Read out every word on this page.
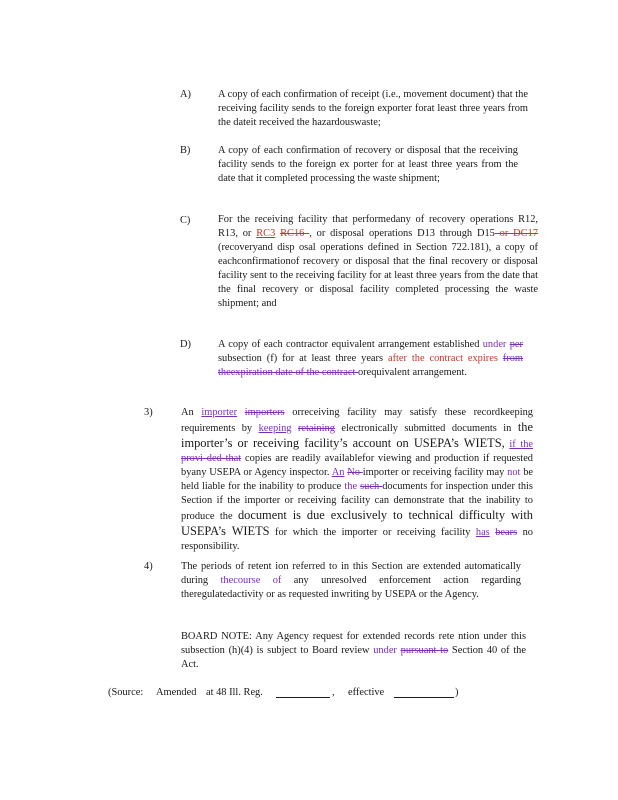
A)	A copy of each confirmation of receipt (i.e., movement document) that the receiving facility sends to the foreign exporter forat least three years from the dateit received the hazardouswaste;
B)	A copy of each confirmation of recovery or disposal that the receiving facility sends to the foreign ex porter for at least three years from the date that it completed processing the waste shipment;
C)	For the receiving facility that performedany of recovery operations R12, R13, or RC3 RC16 , or disposal operations D13 through D15 or DC17 (recoveryand disp osal operations defined in Section 722.181), a copy of eachconfirmationof recovery or disposal that the final recovery or disposal facility sent to the receiving facility for at least three years from the date that the final recovery or disposal facility completed processing the waste shipment; and
D)	A copy of each contractor equivalent arrangement established under per subsection (f) for at least three years after the contract expires from theexpiration date of the contract orequivalent arrangement.
3)	An importer importers orreceiving facility may satisfy these recordkeeping requirements by keeping retaining electronically submitted documents in the importer’s or receiving facility’s account on USEPA’s WIETS, if the provi ded that copies are readily availablefor viewing and production if requested byany USEPA or Agency inspector. An No importer or receiving facility may not be held liable for the inability to produce the such documents for inspection under this Section if the importer or receiving facility can demonstrate that the inability to produce the document is due exclusively to technical difficulty with USEPA’s WIETS for which the importer or receiving facility has bears no responsibility.
4)	The periods of retent ion referred to in this Section are extended automatically during thecourse of any unresolved enforcement action regarding theregulatedactivity or as requested inwriting by USEPA or the Agency.
BOARD NOTE: Any Agency request for extended records rete ntion under this subsection (h)(4) is subject to Board review under pursuant to Section 40 of the Act.
(Source: Amended at 48 Ill. Reg.	, effective	)
